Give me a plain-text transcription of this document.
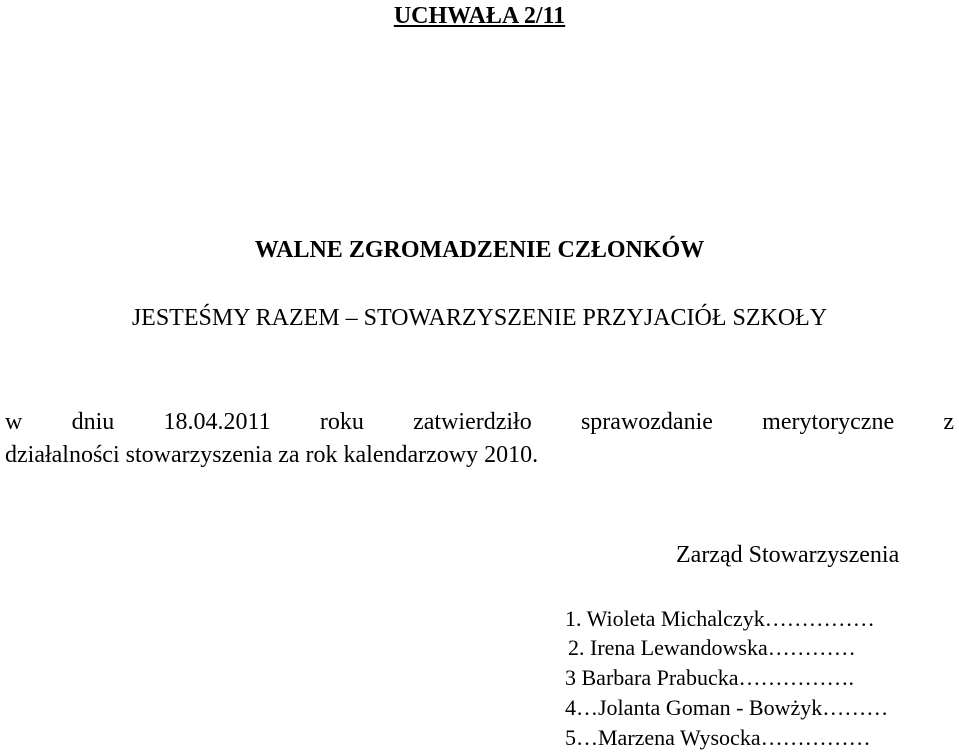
UCHWAŁA 2/11
WALNE ZGROMADZENIE CZŁONKÓW
JESTEŚMY RAZEM – STOWARZYSZENIE PRZYJACIÓŁ SZKOŁY
w dniu 18.04.2011 roku zatwierdziło sprawozdanie merytoryczne z
działalności stowarzyszenia za rok kalendarzowy 2010.
Zarząd Stowarzyszenia
1. Wioleta Michalczyk……………
2. Irena Lewandowska…………
3 Barbara Prabucka…………….
4…Jolanta Goman - Bowżyk………
5…Marzena Wysocka……………
